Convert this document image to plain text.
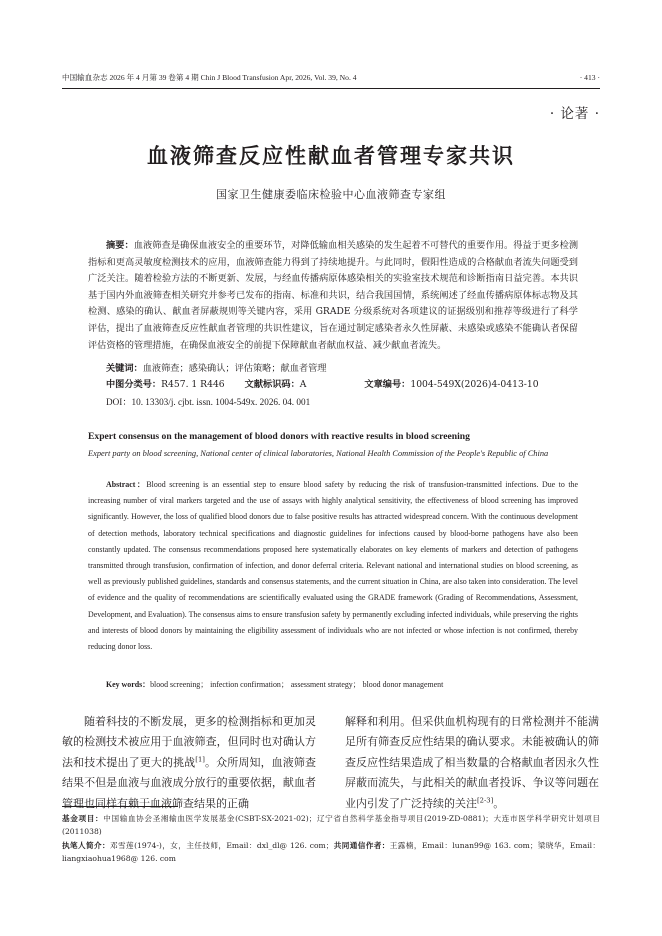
中国输血杂志 2026 年 4 月第 39 卷第 4 期 Chin J Blood Transfusion Apr, 2026, Vol. 39, No. 4	· 413 ·
· 论著 ·
血液筛查反应性献血者管理专家共识
国家卫生健康委临床检验中心血液筛查专家组
摘要：血液筛查是确保血液安全的重要环节，对降低输血相关感染的发生起着不可替代的重要作用。得益于更多检测指标和更高灵敏度检测技术的应用，血液筛查能力得到了持续地提升。与此同时，假阳性造成的合格献血者流失问题受到广泛关注。随着检验方法的不断更新、发展，与经血传播病原体感染相关的实验室技术规范和诊断指南日益完善。本共识基于国内外血液筛查相关研究并参考已发布的指南、标准和共识，结合我国国情，系统阐述了经血传播病原体标志物及其检测、感染的确认、献血者屏蔽规则等关键内容，采用 GRADE 分级系统对各项建议的证据级别和推荐等级进行了科学评估，提出了血液筛查反应性献血者管理的共识性建议，旨在通过制定感染者永久性屏蔽、未感染或感染不能确认者保留评估资格的管理措施，在确保血液安全的前提下保障献血者献血权益、减少献血者流失。
关键词：血液筛查；感染确认；评估策略；献血者管理
中图分类号：R457. 1 R446 文献标识码：A	文章编号：1004-549X(2026)4-0413-10
DOI：10. 13303/j. cjbt. issn. 1004-549x. 2026. 04. 001
Expert consensus on the management of blood donors with reactive results in blood screening
Expert party on blood screening, National center of clinical laboratories, National Health Commission of the People's Republic of China
Abstract：Blood screening is an essential step to ensure blood safety by reducing the risk of transfusion-transmitted infections. Due to the increasing number of viral markers targeted and the use of assays with highly analytical sensitivity, the effectiveness of blood screening has improved significantly. However, the loss of qualified blood donors due to false positive results has attracted widespread concern. With the continuous development of detection methods, laboratory technical specifications and diagnostic guidelines for infections caused by blood-borne pathogens have also been constantly updated. The consensus recommendations proposed here systematically elaborates on key elements of markers and detection of pathogens transmitted through transfusion, confirmation of infection, and donor deferral criteria. Relevant national and international studies on blood screening, as well as previously published guidelines, standards and consensus statements, and the current situation in China, are also taken into consideration. The level of evidence and the quality of recommendations are scientifically evaluated using the GRADE framework (Grading of Recommendations, Assessment, Development, and Evaluation). The consensus aims to ensure transfusion safety by permanently excluding infected individuals, while preserving the rights and interests of blood donors by maintaining the eligibility assessment of individuals who are not infected or whose infection is not confirmed, thereby reducing donor loss.
Key words：blood screening； infection confirmation； assessment strategy； blood donor management
随着科技的不断发展，更多的检测指标和更加灵敏的检测技术被应用于血液筛查，但同时也对确认方法和技术提出了更大的挑战[1]。众所周知，血液筛查结果不但是血液与血液成分放行的重要依据，献血者管理也同样有赖于血液筛查结果的正确
解释和利用。但采供血机构现有的日常检测并不能满足所有筛查反应性结果的确认要求。未能被确认的筛查反应性结果造成了相当数量的合格献血者因永久性屏蔽而流失，与此相关的献血者投诉、争议等问题在业内引发了广泛持续的关注[2-3]。
基金项目：中国输血协会圣湘输血医学发展基金(CSBT-SX-2021-02)；辽宁省自然科学基金指导项目(2019-ZD-0881)；大连市医学科学研究计划项目(2011038)
执笔人简介：邓雪莲(1974-)，女，主任技师，Email：dxl_dl@ 126. com；共同通信作者：王露楠，Email：lunan99@ 163. com；梁晓华，Email：liangxiaohua1968@ 126. com
